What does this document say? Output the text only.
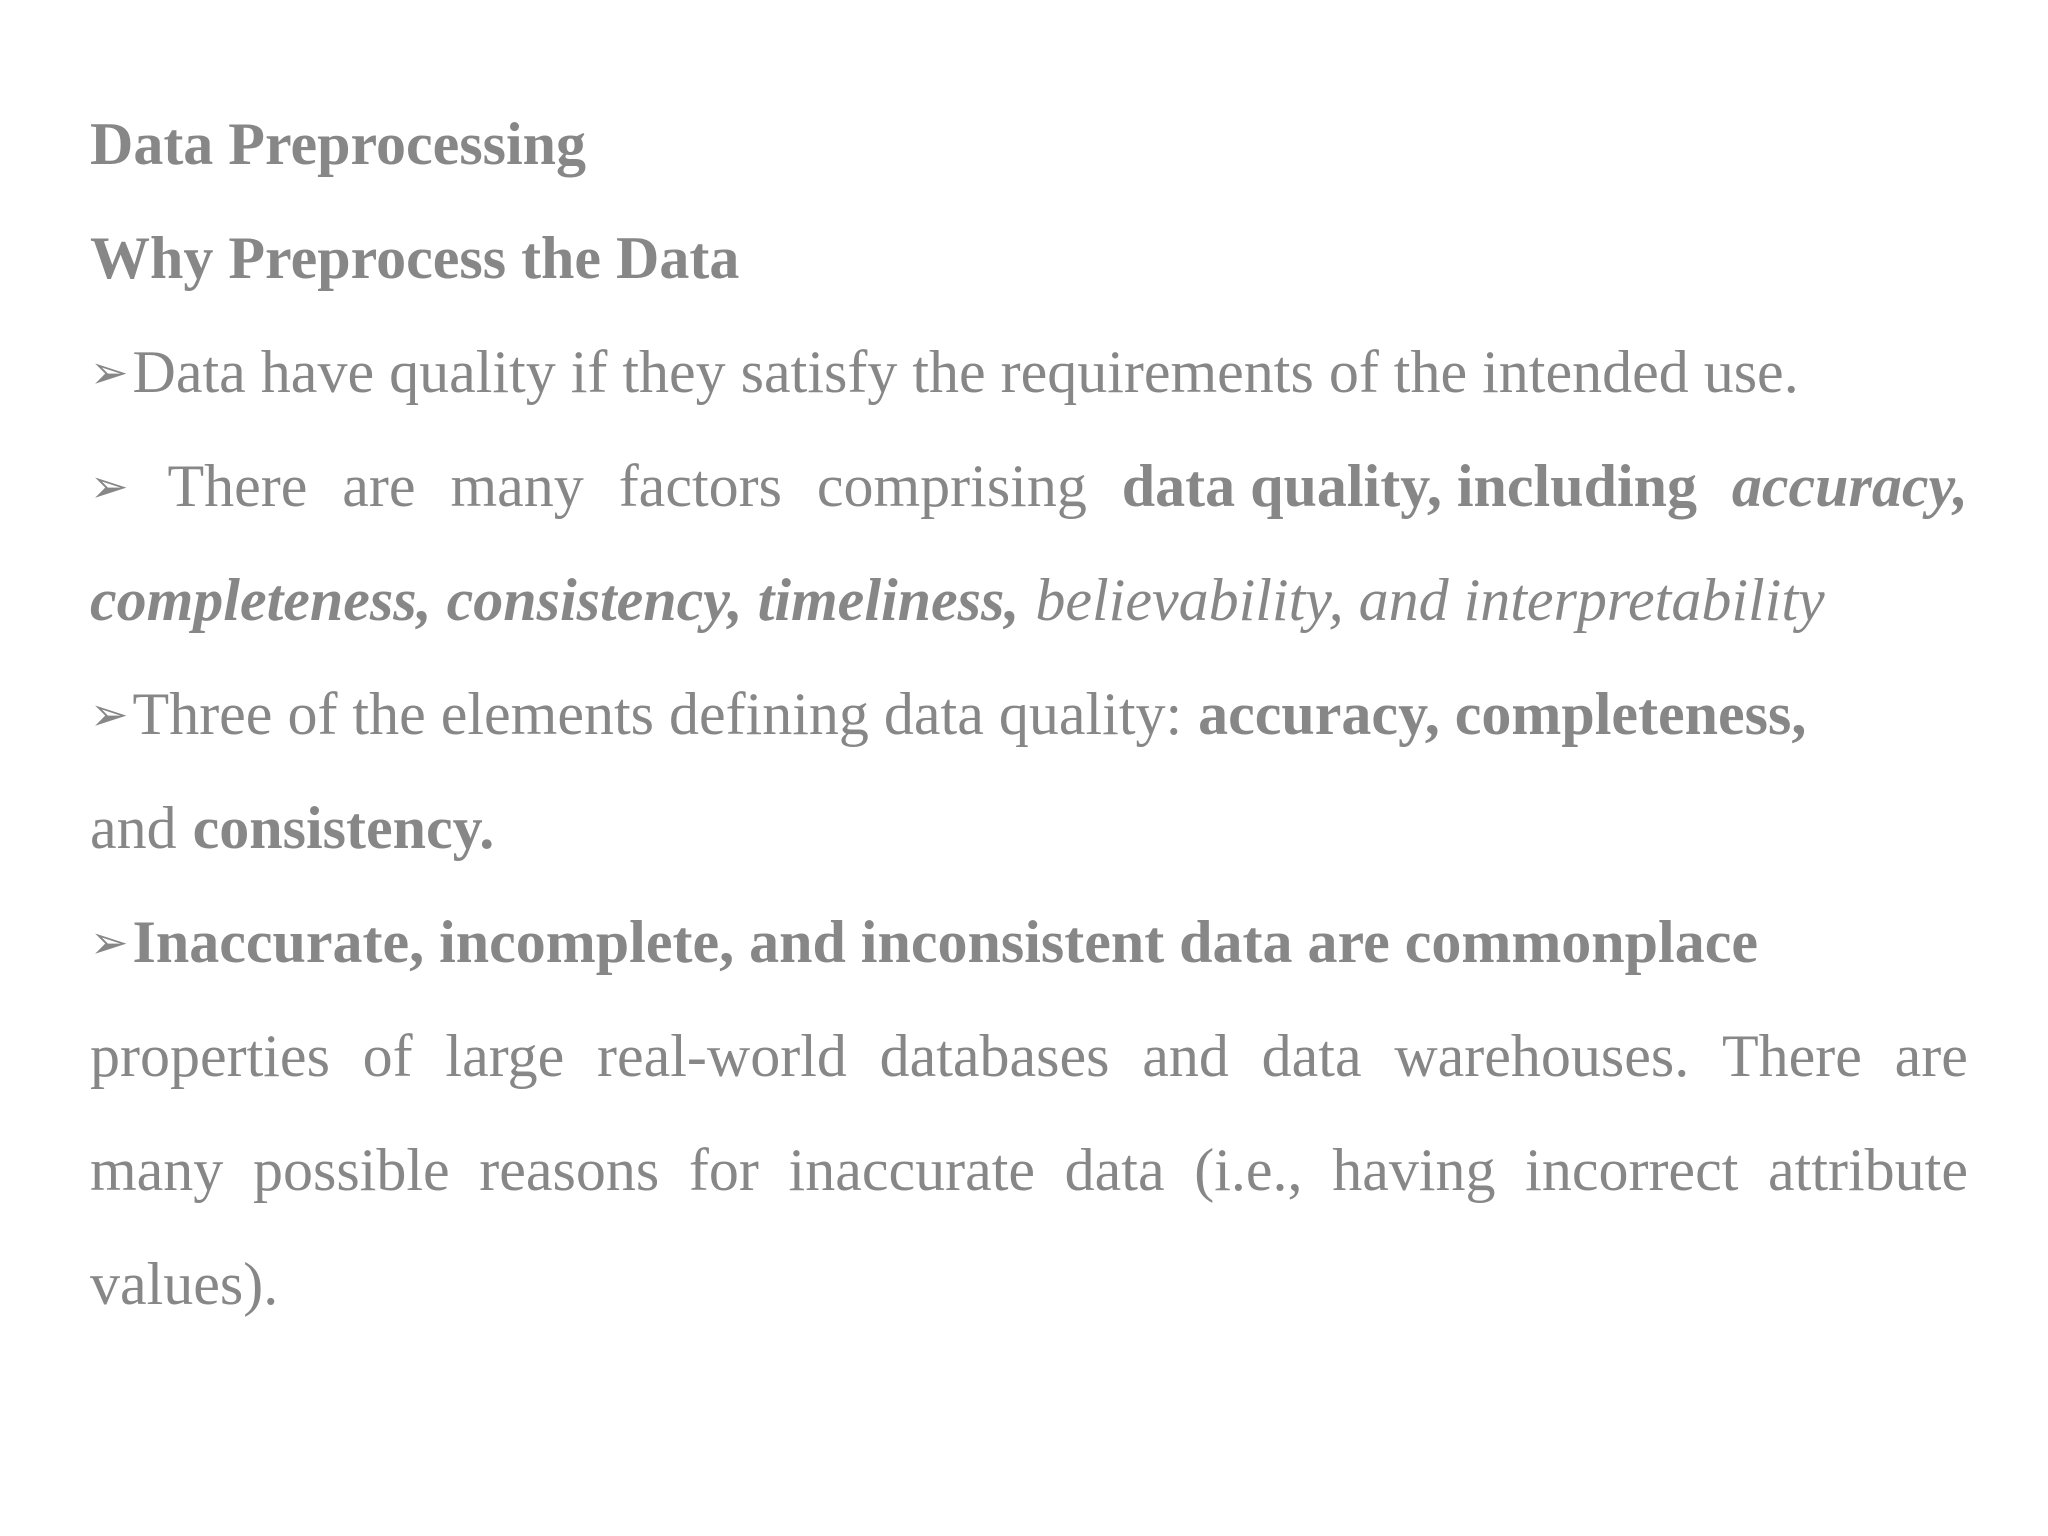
Data Preprocessing
Why Preprocess the Data
➢Data have quality if they satisfy the requirements of the intended use.
➢ There are many factors comprising data quality, including accuracy,
completeness, consistency, timeliness, believability, and interpretability
➢Three of the elements defining data quality: accuracy, completeness,
and consistency.
➢Inaccurate, incomplete, and inconsistent data are commonplace
properties of large real-world databases and data warehouses. There are
many possible reasons for inaccurate data (i.e., having incorrect attribute
values).
